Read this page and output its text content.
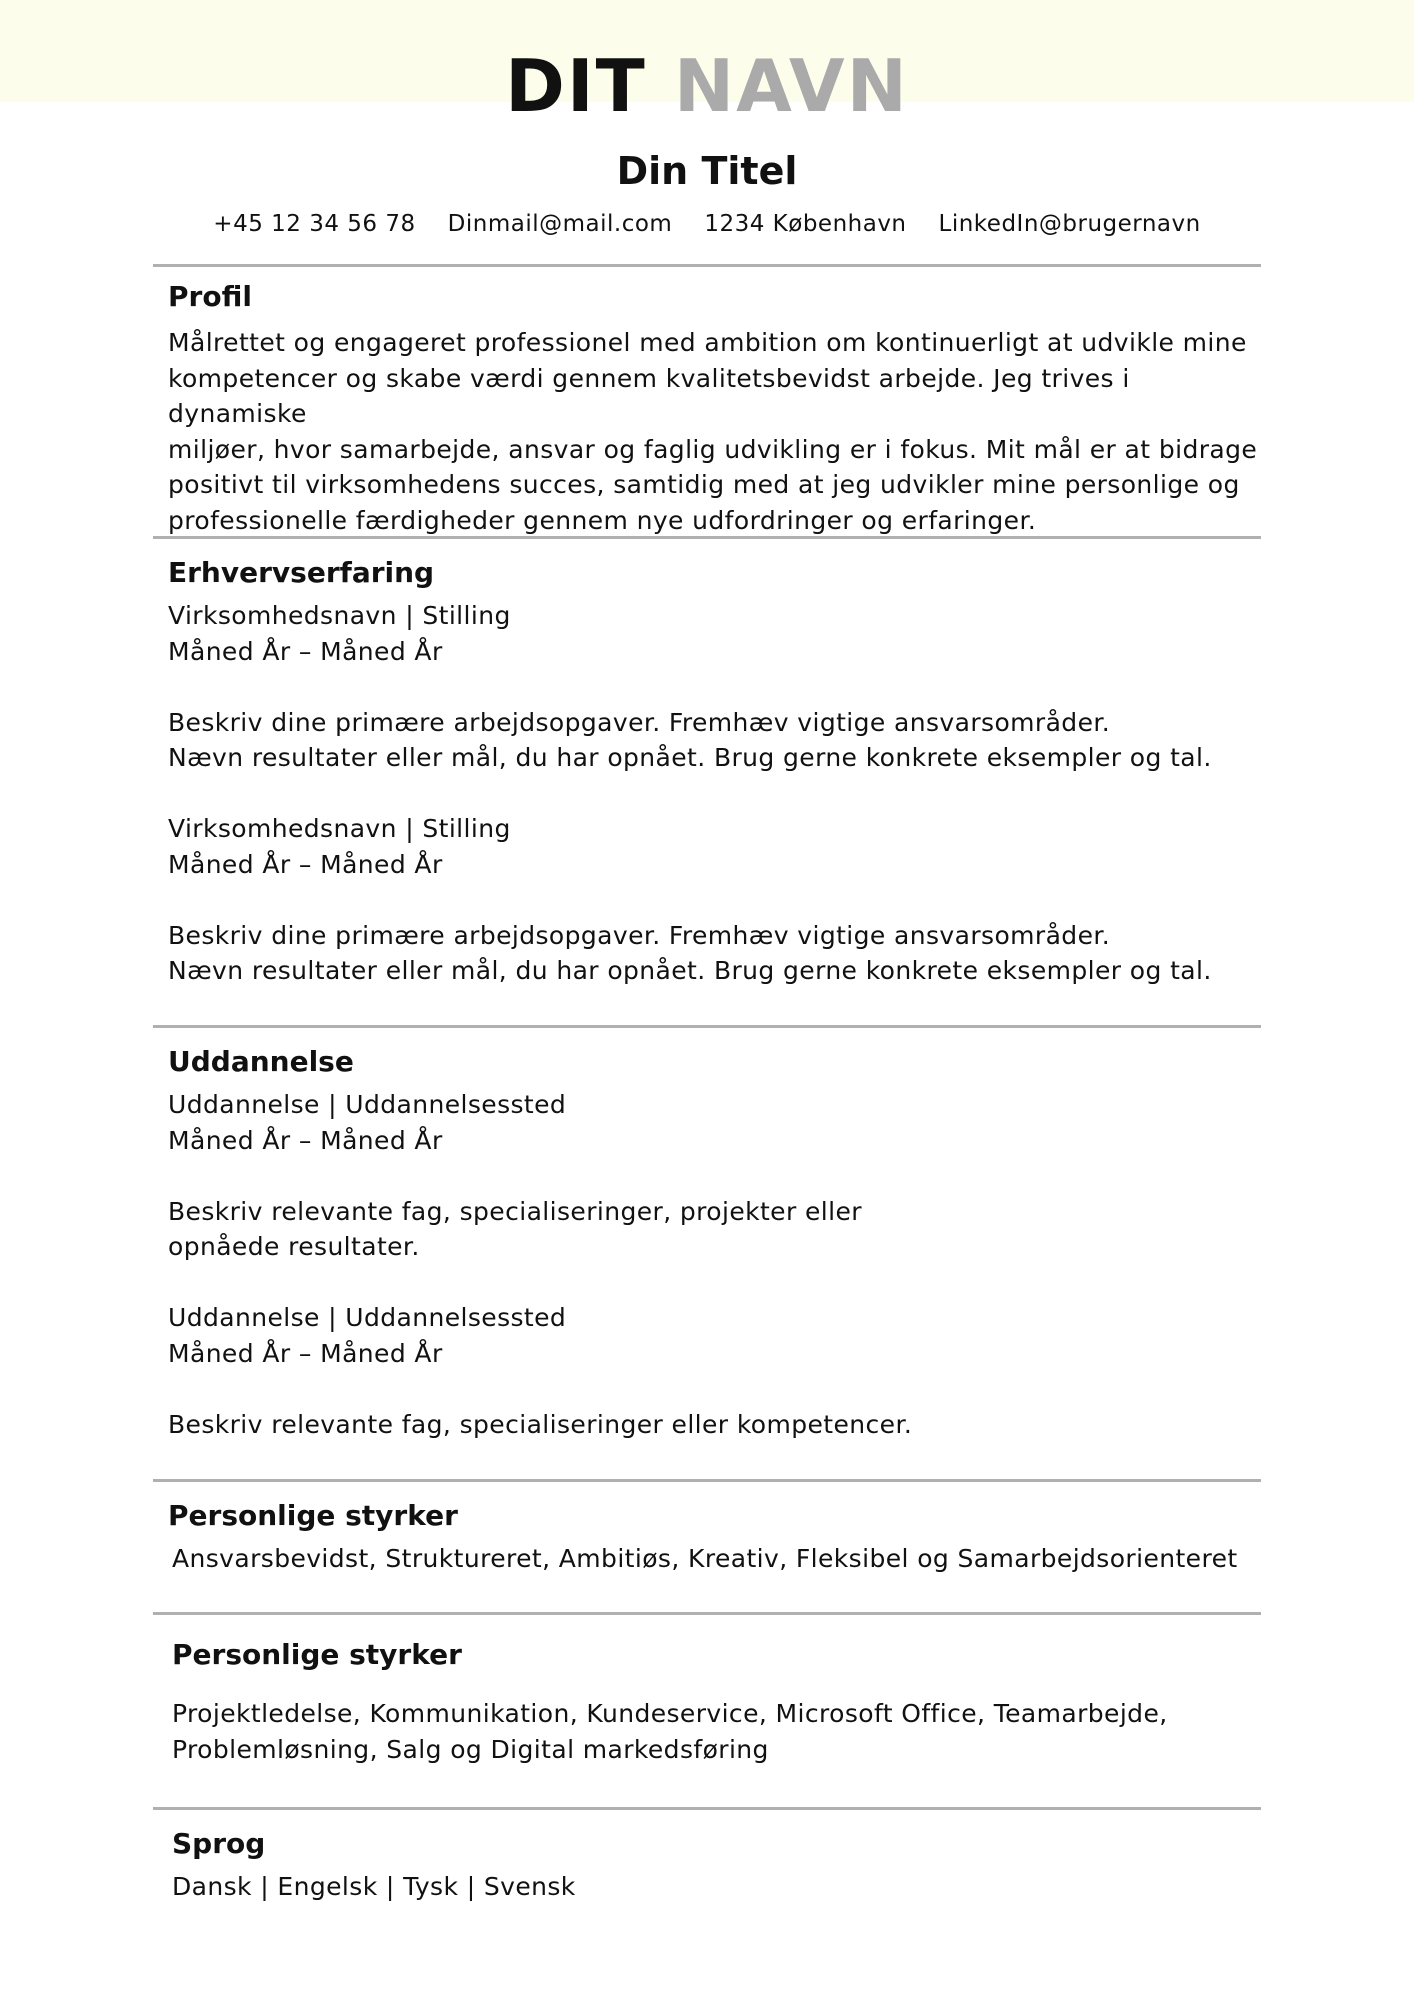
DIT NAVN
Din Titel
+45 12 34 56 78 Dinmail@mail.com 1234 København LinkedIn@brugernavn
Profil
Målrettet og engageret professionel med ambition om kontinuerligt at udvikle mine
kompetencer og skabe værdi gennem kvalitetsbevidst arbejde. Jeg trives i dynamiske
miljøer, hvor samarbejde, ansvar og faglig udvikling er i fokus. Mit mål er at bidrage
positivt til virksomhedens succes, samtidig med at jeg udvikler mine personlige og
professionelle færdigheder gennem nye udfordringer og erfaringer.
Erhvervserfaring
Virksomhedsnavn | Stilling
Måned År – Måned År
Beskriv dine primære arbejdsopgaver. Fremhæv vigtige ansvarsområder.
Nævn resultater eller mål, du har opnået. Brug gerne konkrete eksempler og tal.
Virksomhedsnavn | Stilling
Måned År – Måned År
Beskriv dine primære arbejdsopgaver. Fremhæv vigtige ansvarsområder.
Nævn resultater eller mål, du har opnået. Brug gerne konkrete eksempler og tal.
Uddannelse
Uddannelse | Uddannelsessted
Måned År – Måned År
Beskriv relevante fag, specialiseringer, projekter eller
opnåede resultater.
Uddannelse | Uddannelsessted
Måned År – Måned År
Beskriv relevante fag, specialiseringer eller kompetencer.
Personlige styrker
Ansvarsbevidst, Struktureret, Ambitiøs, Kreativ, Fleksibel og Samarbejdsorienteret
Personlige styrker
Projektledelse, Kommunikation, Kundeservice, Microsoft Office, Teamarbejde,
Problemløsning, Salg og Digital markedsføring
Sprog
Dansk | Engelsk | Tysk | Svensk
